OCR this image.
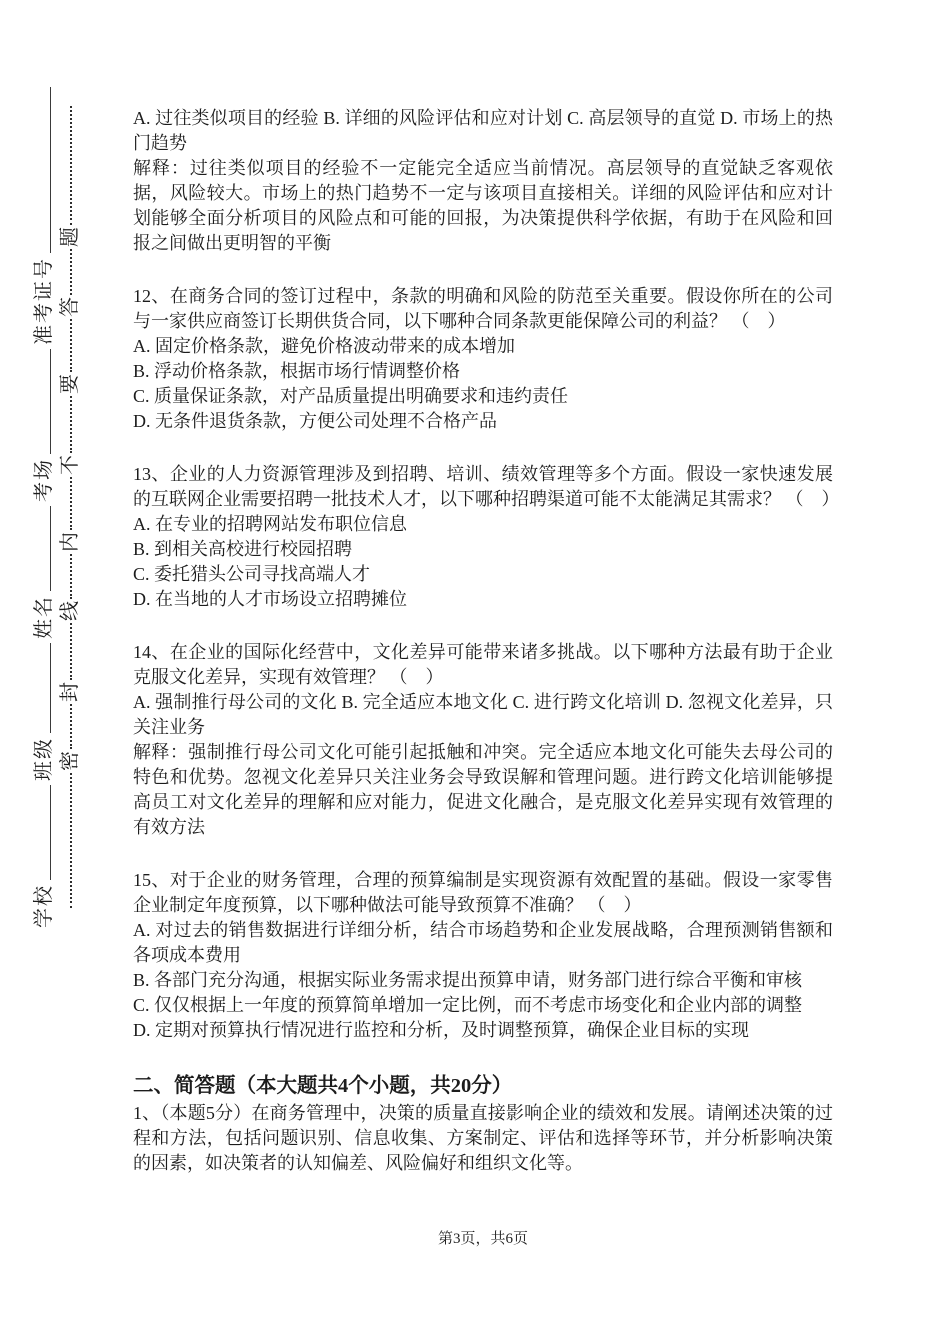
学校
班级
姓名
考场
准考证号
密
封
线
内
不
要
答
题

A. 过往类似项目的经验 B. 详细的风险评估和应对计划 C. 高层领导的直觉 D. 市场上的热门趋势

解释：过往类似项目的经验不一定能完全适应当前情况。高层领导的直觉缺乏客观依据，风险较大。市场上的热门趋势不一定与该项目直接相关。详细的风险评估和应对计划能够全面分析项目的风险点和可能的回报，为决策提供科学依据，有助于在风险和回报之间做出更明智的平衡

12、在商务合同的签订过程中，条款的明确和风险的防范至关重要。假设你所在的公司与一家供应商签订长期供货合同，以下哪种合同条款更能保障公司的利益？ （　）

A. 固定价格条款，避免价格波动带来的成本增加

B. 浮动价格条款，根据市场行情调整价格

C. 质量保证条款，对产品质量提出明确要求和违约责任

D. 无条件退货条款，方便公司处理不合格产品

13、企业的人力资源管理涉及到招聘、培训、绩效管理等多个方面。假设一家快速发展的互联网企业需要招聘一批技术人才，以下哪种招聘渠道可能不太能满足其需求？ （　）

A. 在专业的招聘网站发布职位信息

B. 到相关高校进行校园招聘

C. 委托猎头公司寻找高端人才

D. 在当地的人才市场设立招聘摊位

14、在企业的国际化经营中，文化差异可能带来诸多挑战。以下哪种方法最有助于企业克服文化差异，实现有效管理？ （　）

A. 强制推行母公司的文化 B. 完全适应本地文化 C. 进行跨文化培训 D. 忽视文化差异，只关注业务

解释：强制推行母公司文化可能引起抵触和冲突。完全适应本地文化可能失去母公司的特色和优势。忽视文化差异只关注业务会导致误解和管理问题。进行跨文化培训能够提高员工对文化差异的理解和应对能力，促进文化融合，是克服文化差异实现有效管理的有效方法

15、对于企业的财务管理，合理的预算编制是实现资源有效配置的基础。假设一家零售企业制定年度预算，以下哪种做法可能导致预算不准确？ （　）

A. 对过去的销售数据进行详细分析，结合市场趋势和企业发展战略，合理预测销售额和各项成本费用

B. 各部门充分沟通，根据实际业务需求提出预算申请，财务部门进行综合平衡和审核

C. 仅仅根据上一年度的预算简单增加一定比例，而不考虑市场变化和企业内部的调整

D. 定期对预算执行情况进行监控和分析，及时调整预算，确保企业目标的实现

二、简答题（本大题共4个小题，共20分）

1、（本题5分）在商务管理中，决策的质量直接影响企业的绩效和发展。请阐述决策的过程和方法，包括问题识别、信息收集、方案制定、评估和选择等环节，并分析影响决策的因素，如决策者的认知偏差、风险偏好和组织文化等。

第3页，共6页
